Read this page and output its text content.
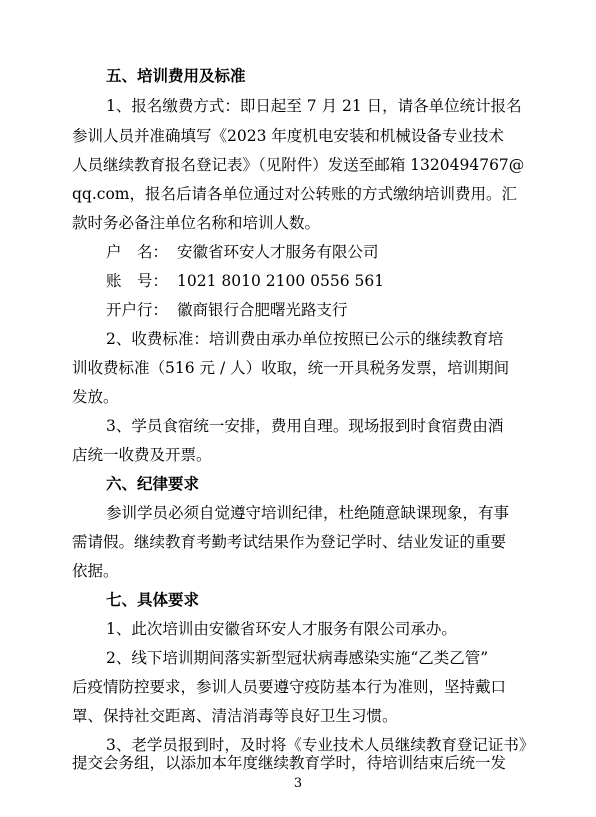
五、培训费用及标准
1、报名缴费方式：即日起至 7 月 21 日，请各单位统计报名
参训人员并准确填写《2023 年度机电安装和机械设备专业技术
人员继续教育报名登记表》（见附件）发送至邮箱 1320494767@
qq.com，报名后请各单位通过对公转账的方式缴纳培训费用。汇
款时务必备注单位名称和培训人数。
户　名： 安徽省环安人才服务有限公司
账　号： 1021 8010 2100 0556 561
开户行： 徽商银行合肥曙光路支行
2、收费标准：培训费由承办单位按照已公示的继续教育培
训收费标准（516 元 / 人）收取，统一开具税务发票，培训期间
发放。
3、学员食宿统一安排，费用自理。现场报到时食宿费由酒
店统一收费及开票。
六、纪律要求
参训学员必须自觉遵守培训纪律，杜绝随意缺课现象，有事
需请假。继续教育考勤考试结果作为登记学时、结业发证的重要
依据。
七、具体要求
1、此次培训由安徽省环安人才服务有限公司承办。
2、线下培训期间落实新型冠状病毒感染实施“乙类乙管”
后疫情防控要求，参训人员要遵守疫防基本行为准则，坚持戴口
罩、保持社交距离、清洁消毒等良好卫生习惯。
3、老学员报到时，及时将《专业技术人员继续教育登记证书》
提交会务组，以添加本年度继续教育学时，待培训结束后统一发
3
